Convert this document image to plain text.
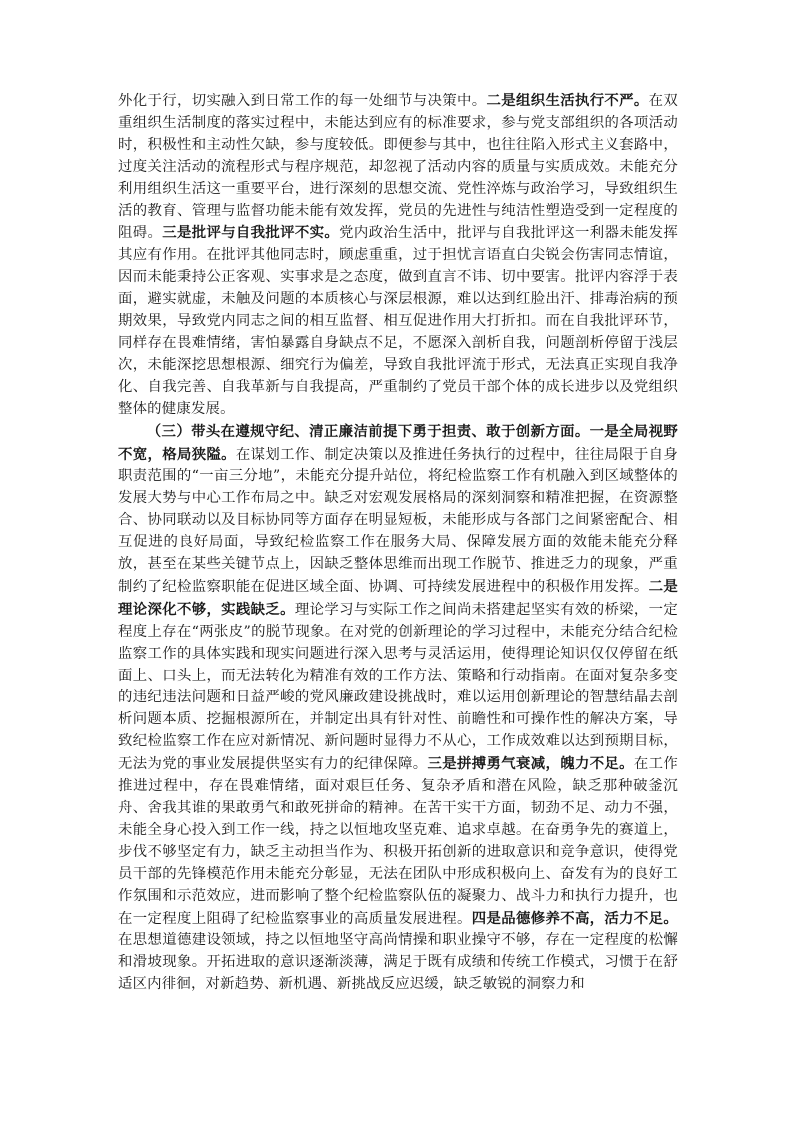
外化于行，切实融入到日常工作的每一处细节与决策中。二是组织生活执行不严。在双重组织生活制度的落实过程中，未能达到应有的标准要求，参与党支部组织的各项活动时，积极性和主动性欠缺，参与度较低。即便参与其中，也往往陷入形式主义套路中，过度关注活动的流程形式与程序规范，却忽视了活动内容的质量与实质成效。未能充分利用组织生活这一重要平台，进行深刻的思想交流、党性淬炼与政治学习，导致组织生活的教育、管理与监督功能未能有效发挥，党员的先进性与纯洁性塑造受到一定程度的阻碍。三是批评与自我批评不实。党内政治生活中，批评与自我批评这一利器未能发挥其应有作用。在批评其他同志时，顾虑重重，过于担忧言语直白尖锐会伤害同志情谊，因而未能秉持公正客观、实事求是之态度，做到直言不讳、切中要害。批评内容浮于表面，避实就虚，未触及问题的本质核心与深层根源，难以达到红脸出汗、排毒治病的预期效果，导致党内同志之间的相互监督、相互促进作用大打折扣。而在自我批评环节，同样存在畏难情绪，害怕暴露自身缺点不足，不愿深入剖析自我，问题剖析停留于浅层次，未能深挖思想根源、细究行为偏差，导致自我批评流于形式，无法真正实现自我净化、自我完善、自我革新与自我提高，严重制约了党员干部个体的成长进步以及党组织整体的健康发展。

（三）带头在遵规守纪、清正廉洁前提下勇于担责、敢于创新方面。一是全局视野不宽，格局狭隘。在谋划工作、制定决策以及推进任务执行的过程中，往往局限于自身职责范围的“一亩三分地”，未能充分提升站位，将纪检监察工作有机融入到区域整体的发展大势与中心工作布局之中。缺乏对宏观发展格局的深刻洞察和精准把握，在资源整合、协同联动以及目标协同等方面存在明显短板，未能形成与各部门之间紧密配合、相互促进的良好局面，导致纪检监察工作在服务大局、保障发展方面的效能未能充分释放，甚至在某些关键节点上，因缺乏整体思维而出现工作脱节、推进乏力的现象，严重制约了纪检监察职能在促进区域全面、协调、可持续发展进程中的积极作用发挥。二是理论深化不够，实践缺乏。理论学习与实际工作之间尚未搭建起坚实有效的桥梁，一定程度上存在“两张皮”的脱节现象。在对党的创新理论的学习过程中，未能充分结合纪检监察工作的具体实践和现实问题进行深入思考与灵活运用，使得理论知识仅仅停留在纸面上、口头上，而无法转化为精准有效的工作方法、策略和行动指南。在面对复杂多变的违纪违法问题和日益严峻的党风廉政建设挑战时，难以运用创新理论的智慧结晶去剖析问题本质、挖掘根源所在，并制定出具有针对性、前瞻性和可操作性的解决方案，导致纪检监察工作在应对新情况、新问题时显得力不从心，工作成效难以达到预期目标，无法为党的事业发展提供坚实有力的纪律保障。三是拼搏勇气衰减，魄力不足。在工作推进过程中，存在畏难情绪，面对艰巨任务、复杂矛盾和潜在风险，缺乏那种破釜沉舟、舍我其谁的果敢勇气和敢死拼命的精神。在苦干实干方面，韧劲不足、动力不强，未能全身心投入到工作一线，持之以恒地攻坚克难、追求卓越。在奋勇争先的赛道上，步伐不够坚定有力，缺乏主动担当作为、积极开拓创新的进取意识和竞争意识，使得党员干部的先锋模范作用未能充分彰显，无法在团队中形成积极向上、奋发有为的良好工作氛围和示范效应，进而影响了整个纪检监察队伍的凝聚力、战斗力和执行力提升，也在一定程度上阻碍了纪检监察事业的高质量发展进程。四是品德修养不高，活力不足。在思想道德建设领域，持之以恒地坚守高尚情操和职业操守不够，存在一定程度的松懈和滑坡现象。开拓进取的意识逐渐淡薄，满足于既有成绩和传统工作模式，习惯于在舒适区内徘徊，对新趋势、新机遇、新挑战反应迟缓，缺乏敏锐的洞察力和
